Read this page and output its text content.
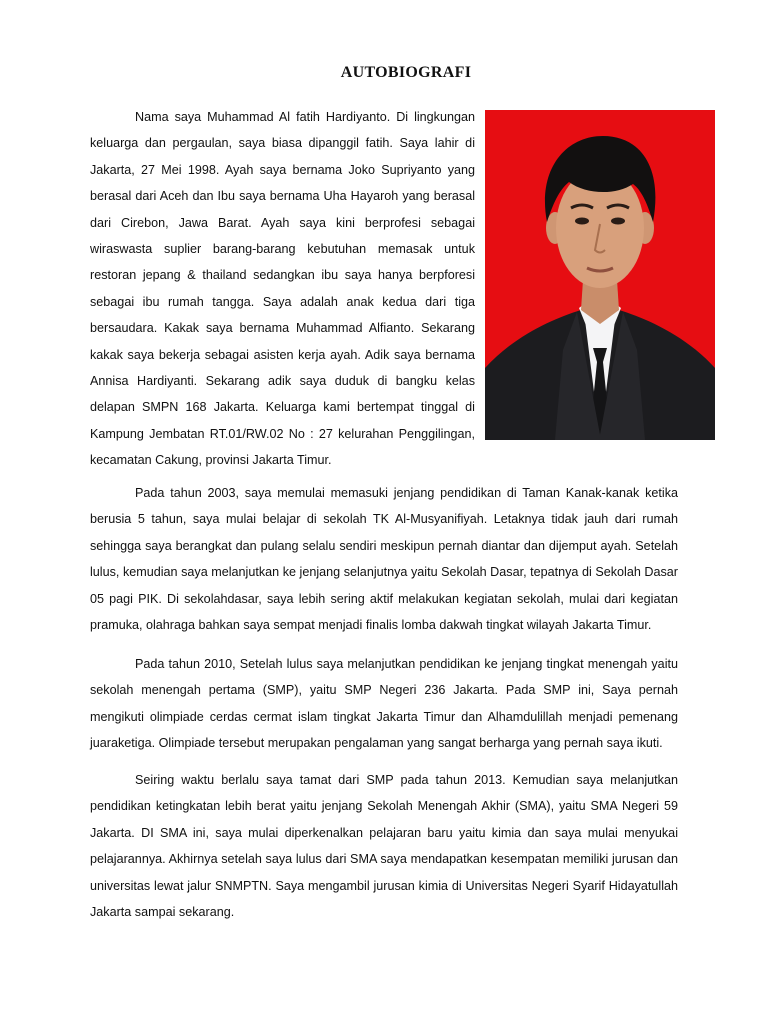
AUTOBIOGRAFI

Nama saya Muhammad Al fatih Hardiyanto. Di lingkungan keluarga dan pergaulan, saya biasa dipanggil fatih. Saya lahir di Jakarta, 27 Mei 1998. Ayah saya bernama Joko Supriyanto yang berasal dari Aceh dan Ibu saya bernama Uha Hayaroh yang berasal dari Cirebon, Jawa Barat. Ayah saya kini berprofesi sebagai wiraswasta suplier barang-barang kebutuhan memasak untuk restoran jepang & thailand sedangkan ibu saya hanya berpforesi sebagai ibu rumah tangga. Saya adalah anak kedua dari tiga bersaudara. Kakak saya bernama Muhammad Alfianto. Sekarang kakak saya bekerja sebagai asisten kerja ayah. Adik saya bernama Annisa Hardiyanti. Sekarang adik saya duduk di bangku kelas delapan SMPN 168 Jakarta. Keluarga kami bertempat tinggal di Kampung Jembatan RT.01/RW.02 No : 27 kelurahan Penggilingan, kecamatan Cakung, provinsi Jakarta Timur.

Pada tahun 2003, saya memulai memasuki jenjang pendidikan di Taman Kanak-kanak ketika berusia 5 tahun, saya mulai belajar di sekolah TK Al-Musyanifiyah. Letaknya tidak jauh dari rumah sehingga saya berangkat dan pulang selalu sendiri meskipun pernah diantar dan dijemput ayah. Setelah lulus, kemudian saya melanjutkan ke jenjang selanjutnya yaitu Sekolah Dasar, tepatnya di Sekolah Dasar 05 pagi PIK. Di sekolahdasar, saya lebih sering aktif melakukan kegiatan sekolah, mulai dari kegiatan pramuka, olahraga bahkan saya sempat menjadi finalis lomba dakwah tingkat wilayah Jakarta Timur.

Pada tahun 2010, Setelah lulus saya melanjutkan pendidikan ke jenjang tingkat menengah yaitu sekolah menengah pertama (SMP), yaitu SMP Negeri 236 Jakarta. Pada SMP ini, Saya pernah mengikuti olimpiade cerdas cermat islam tingkat Jakarta Timur dan Alhamdulillah menjadi pemenang juaraketiga. Olimpiade tersebut merupakan pengalaman yang sangat berharga yang pernah saya ikuti.

Seiring waktu berlalu saya tamat dari SMP pada tahun 2013. Kemudian saya melanjutkan pendidikan ketingkatan lebih berat yaitu jenjang Sekolah Menengah Akhir (SMA), yaitu SMA Negeri 59 Jakarta. DI SMA ini, saya mulai diperkenalkan pelajaran baru yaitu kimia dan saya mulai menyukai pelajarannya. Akhirnya setelah saya lulus dari SMA saya mendapatkan kesempatan memiliki jurusan dan universitas lewat jalur SNMPTN. Saya mengambil jurusan kimia di Universitas Negeri Syarif Hidayatullah Jakarta sampai sekarang.
